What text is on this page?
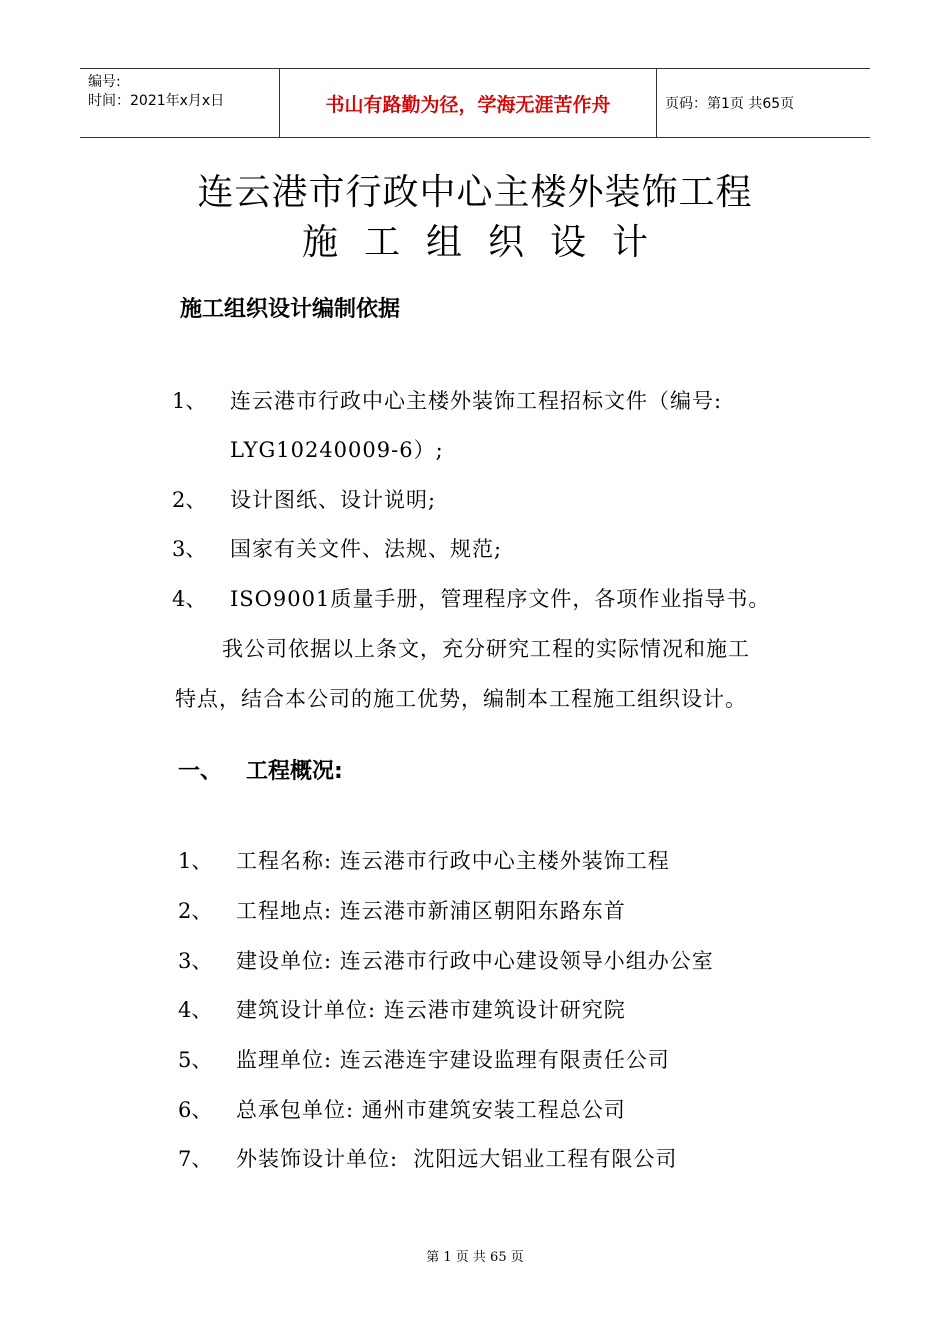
编号:
时间：2021年x月x日	书山有路勤为径，学海无涯苦作舟	页码：第1页 共65页
连云港市行政中心主楼外装饰工程
施工组织设计
施工组织设计编制依据
1、 连云港市行政中心主楼外装饰工程招标文件（编号:
LYG10240009-6）;
2、 设计图纸、设计说明;
3、 国家有关文件、法规、规范;
4、 ISO9001质量手册，管理程序文件，各项作业指导书。
我公司依据以上条文，充分研究工程的实际情况和施工
特点，结合本公司的施工优势，编制本工程施工组织设计。
一、 工程概况:
1、 工程名称: 连云港市行政中心主楼外装饰工程
2、 工程地点: 连云港市新浦区朝阳东路东首
3、 建设单位: 连云港市行政中心建设领导小组办公室
4、 建筑设计单位: 连云港市建筑设计研究院
5、 监理单位: 连云港连宇建设监理有限责任公司
6、 总承包单位: 通州市建筑安装工程总公司
7、 外装饰设计单位:  沈阳远大铝业工程有限公司
第 1 页 共 65 页
